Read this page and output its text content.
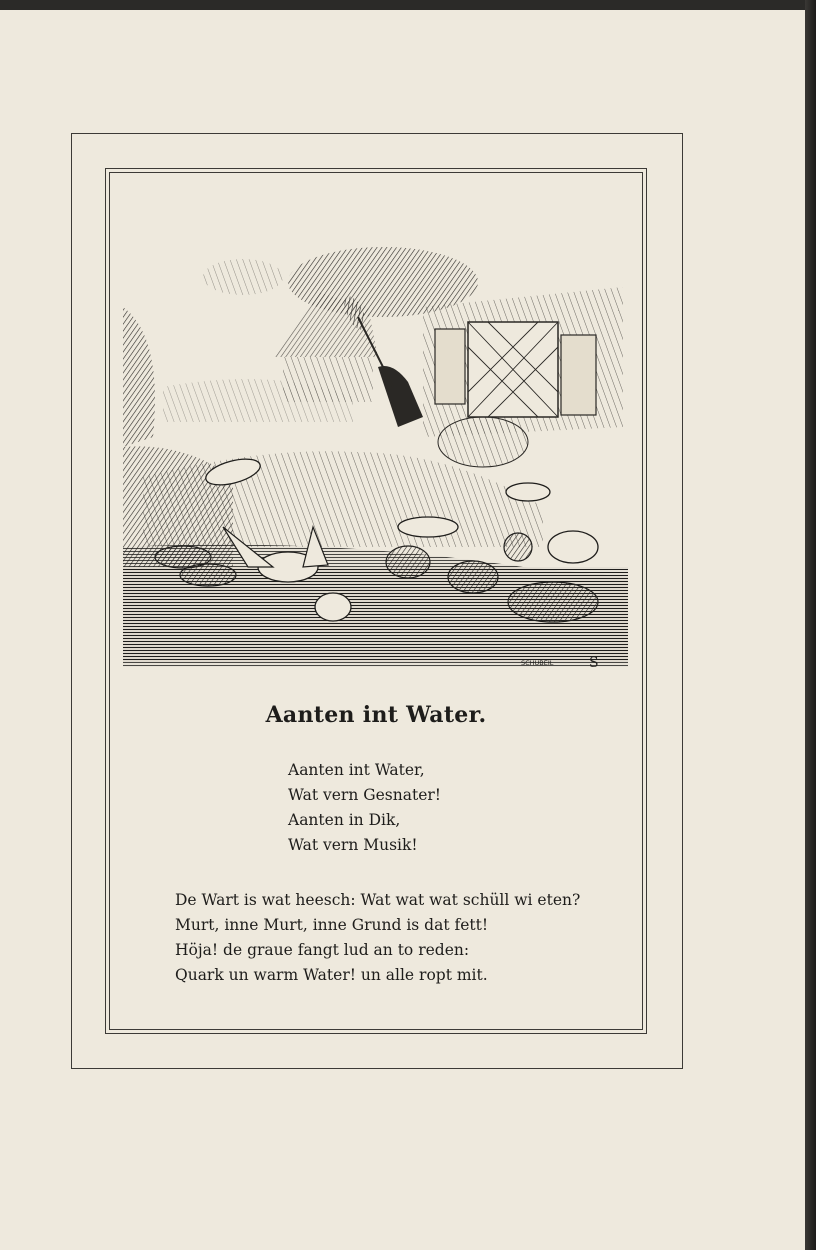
SCHUBEIL	S
Aanten int Water.
Aanten int Water,
Wat vern Gesnater!
Aanten in Dik,
Wat vern Musik!
De Wart is wat heesch: Wat wat wat schüll wi eten?
Murt, inne Murt, inne Grund is dat fett!
Höja! de graue fangt lud an to reden:
Quark un warm Water! un alle ropt mit.
